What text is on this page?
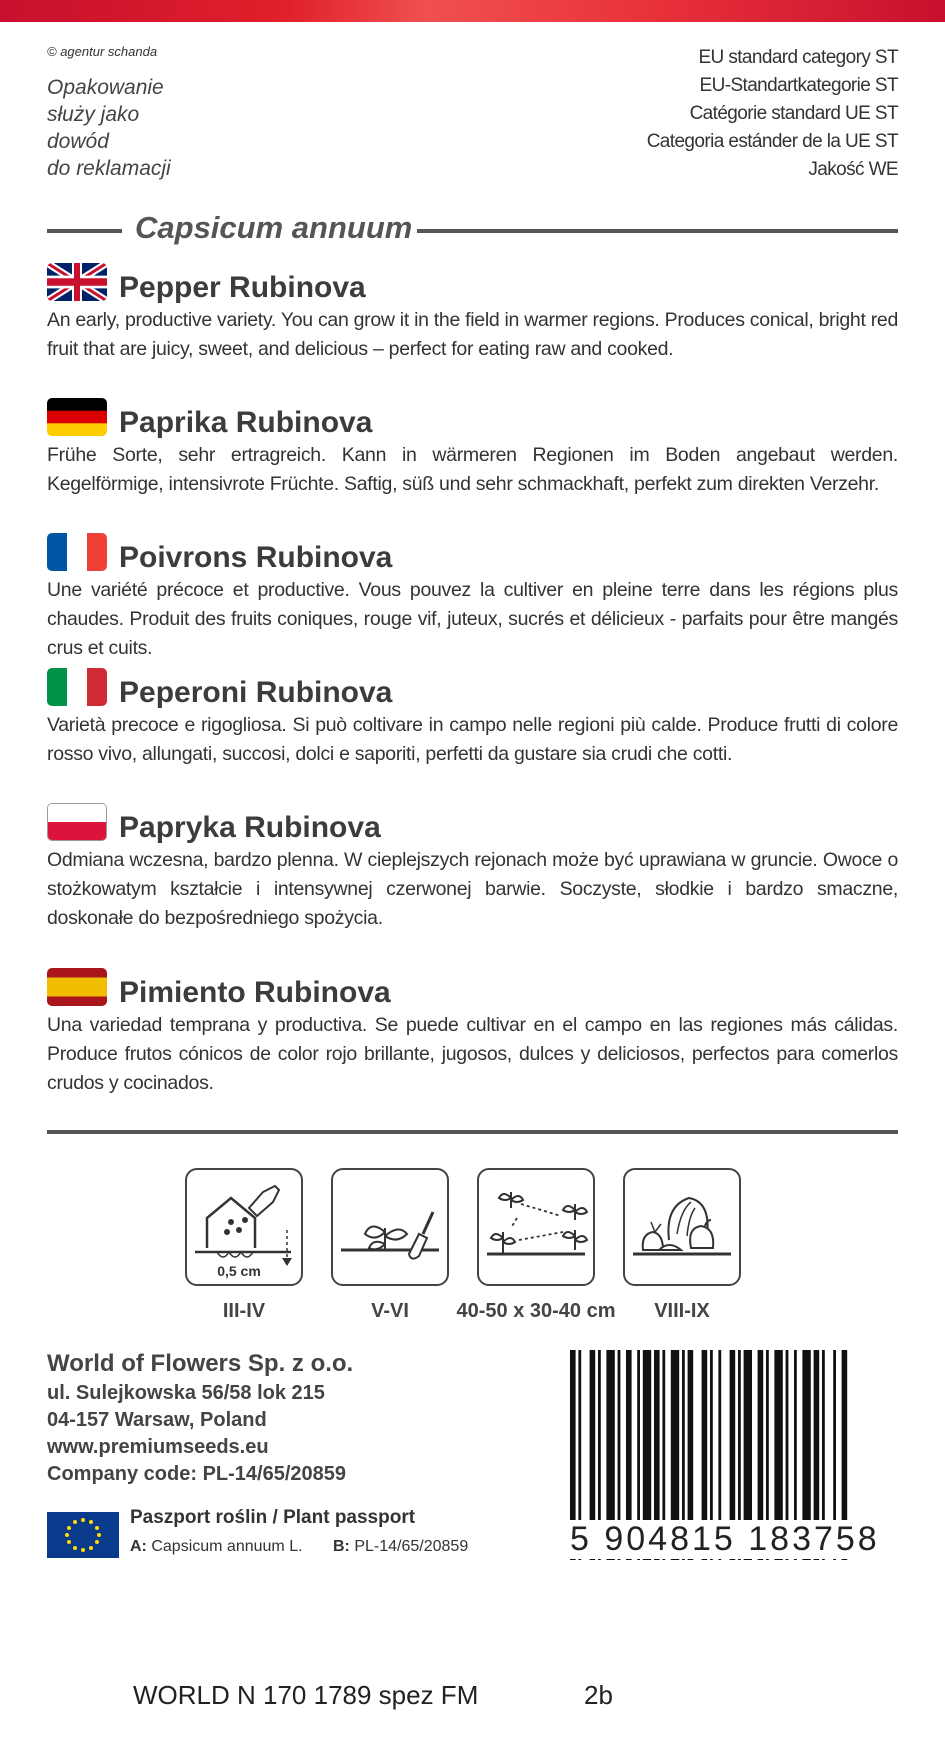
© agentur schanda
Opakowanie
służy jako
dowód
do reklamacji
EU standard category ST
EU-Standartkategorie ST
Catégorie standard UE ST
Categoria estánder de la UE ST
Jakość WE
Capsicum annuum
Pepper Rubinova
An early, productive variety. You can grow it in the field in warmer regions. Produces conical, bright red fruit that are juicy, sweet, and delicious – perfect for eating raw and cooked.
Paprika Rubinova
Frühe Sorte, sehr ertragreich. Kann in wärmeren Regionen im Boden angebaut werden. Kegelförmige, intensivrote Früchte. Saftig, süß und sehr schmackhaft, perfekt zum direkten Verzehr.
Poivrons Rubinova
Une variété précoce et productive. Vous pouvez la cultiver en pleine terre dans les régions plus chaudes. Produit des fruits coniques, rouge vif, juteux, sucrés et délicieux - parfaits pour être mangés crus et cuits.
Peperoni Rubinova
Varietà precoce e rigogliosa. Si può coltivare in campo nelle regioni più calde. Produce frutti di colore rosso vivo, allungati, succosi, dolci e saporiti, perfetti da gustare sia crudi che cotti.
Papryka Rubinova
Odmiana wczesna, bardzo plenna. W cieplejszych rejonach może być uprawiana w gruncie. Owoce o stożkowatym kształcie i intensywnej czerwonej barwie. Soczyste, słodkie i bardzo smaczne, doskonałe do bezpośredniego spożycia.
Pimiento Rubinova
Una variedad temprana y productiva. Se puede cultivar en el campo en las regiones más cálidas. Produce frutos cónicos de color rojo brillante, jugosos, dulces y deliciosos, perfectos para comerlos crudos y cocinados.
0,5 cm
III-IV	V-VI	40-50 x 30-40 cm	VIII-IX
World of Flowers Sp. z o.o.
ul. Sulejkowska 56/58 lok 215
04-157 Warsaw, Poland
www.premiumseeds.eu
Company code: PL-14/65/20859
Paszport roślin / Plant passport
A: Capsicum annuum L. B: PL-14/65/20859	5 904815 183758
WORLD N 170 1789 spez FM	2b
